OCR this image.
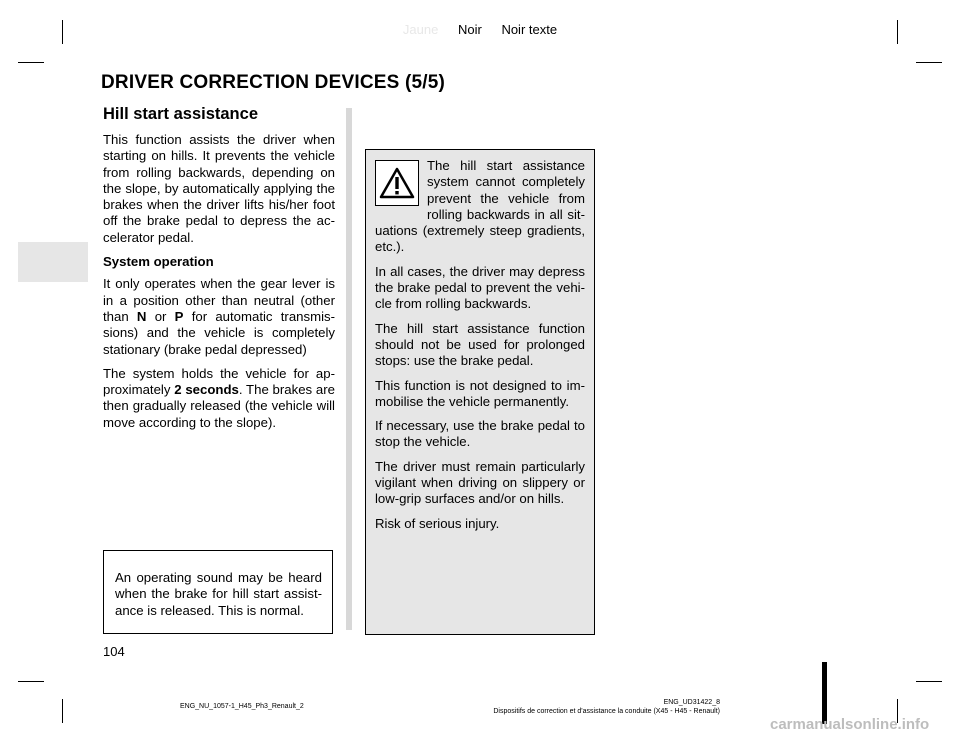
Jaune Noir Noir texte
DRIVER CORRECTION DEVICES (5/5)
Hill start assistance

This function assists the driver when starting on hills. It prevents the vehicle from rolling backwards, depending on the slope, by automatically applying the brakes when the driver lifts his/her foot off the brake pedal to depress the ac-celerator pedal.

System operation

It only operates when the gear lever is in a position other than neutral (other than N or P for automatic transmis-sions) and the vehicle is completely stationary (brake pedal depressed)

The system holds the vehicle for ap-proximately 2 seconds. The brakes are then gradually released (the vehicle will move according to the slope).

An operating sound may be heard when the brake for hill start assist-ance is released. This is normal.

The hill start assistance system cannot completely prevent the vehicle from rolling backwards in all sit-uations (extremely steep gradients, etc.).

In all cases, the driver may depress the brake pedal to prevent the vehi-cle from rolling backwards.

The hill start assistance function should not be used for prolonged stops: use the brake pedal.

This function is not designed to im-mobilise the vehicle permanently.

If necessary, use the brake pedal to stop the vehicle.

The driver must remain particularly vigilant when driving on slippery or low-grip surfaces and/or on hills.

Risk of serious injury.

104
ENG_NU_1057-1_H45_Ph3_Renault_2
ENG_UD31422_8
Dispositifs de correction et d'assistance la conduite (X45 - H45 - Renault)
carmanualsonline.info
